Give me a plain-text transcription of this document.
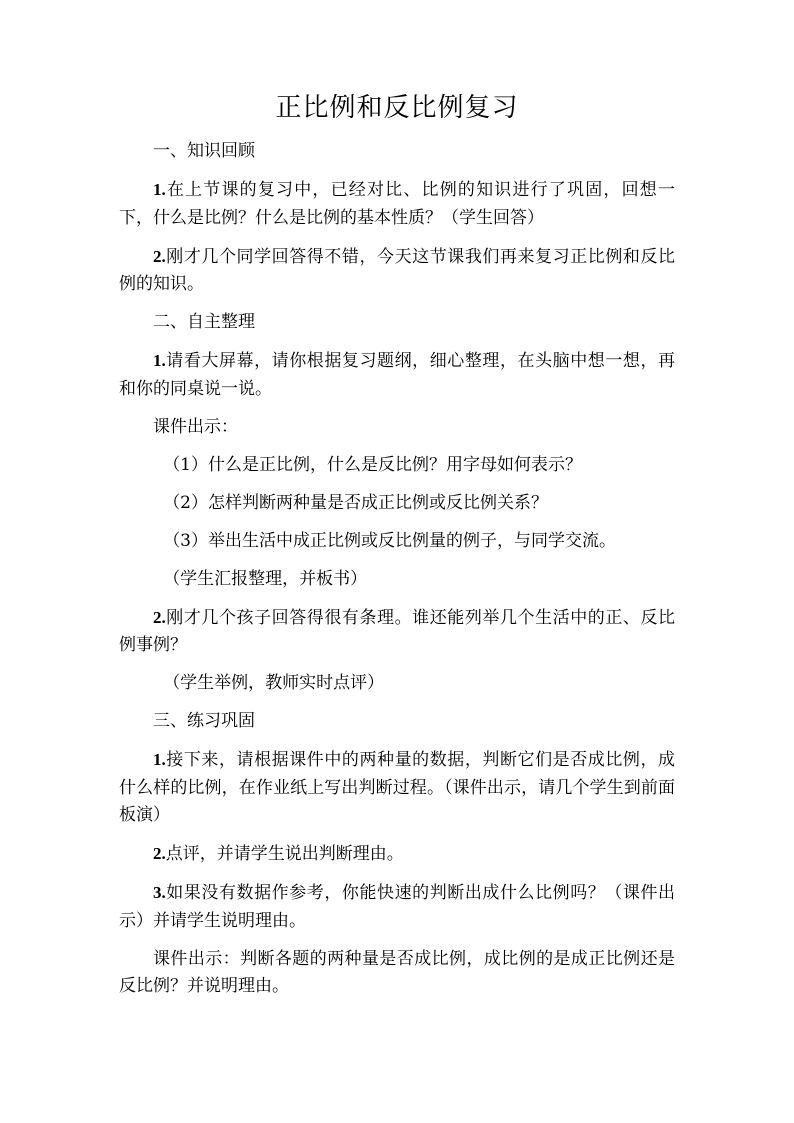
正比例和反比例复习
一、知识回顾
1.在上节课的复习中，已经对比、比例的知识进行了巩固，回想一下，什么是比例？什么是比例的基本性质？（学生回答）
2.刚才几个同学回答得不错，今天这节课我们再来复习正比例和反比例的知识。
二、自主整理
1.请看大屏幕，请你根据复习题纲，细心整理，在头脑中想一想，再和你的同桌说一说。
课件出示：
（1）什么是正比例，什么是反比例？用字母如何表示？
（2）怎样判断两种量是否成正比例或反比例关系？
（3）举出生活中成正比例或反比例量的例子，与同学交流。
（学生汇报整理，并板书）
2.刚才几个孩子回答得很有条理。谁还能列举几个生活中的正、反比例事例？
（学生举例，教师实时点评）
三、练习巩固
1.接下来，请根据课件中的两种量的数据，判断它们是否成比例，成什么样的比例，在作业纸上写出判断过程。（课件出示，请几个学生到前面板演）
2.点评，并请学生说出判断理由。
3.如果没有数据作参考，你能快速的判断出成什么比例吗？（课件出示）并请学生说明理由。
课件出示：判断各题的两种量是否成比例，成比例的是成正比例还是反比例？并说明理由。
